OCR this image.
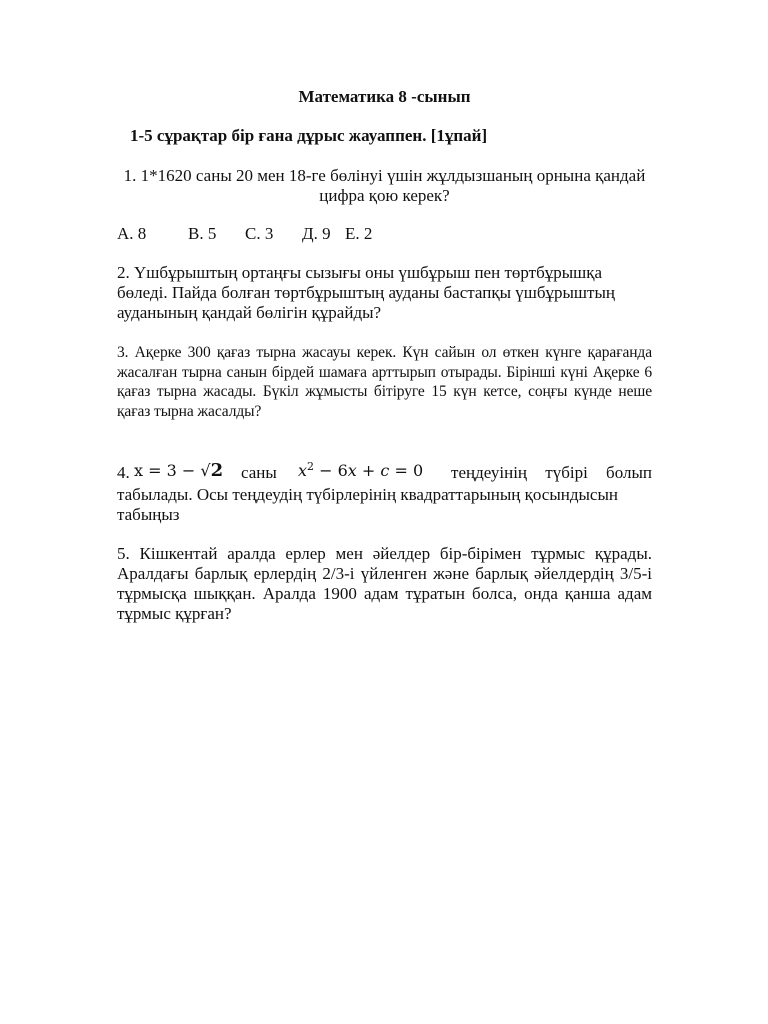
Математика 8 -сынып

1-5 сұрақтар бір ғана дұрыс жауаппен. [1ұпай]

1. 1*1620 саны 20 мен 18-ге бөлінуі үшін жұлдызшаның орнына қандай цифра қою керек?

А. 8 В. 5 С. 3 Д. 9 Е. 2

2. Үшбұрыштың ортаңғы сызығы оны үшбұрыш пен төртбұрышқа бөледі. Пайда болған төртбұрыштың ауданы бастапқы үшбұрыштың ауданының қандай бөлігін құрайды?

3. Ақерке 300 қағаз тырна жасауы керек. Күн сайын ол өткен күнге қарағанда жасалған тырна санын бірдей шамаға арттырып отырады. Бірінші күні Ақерке 6 қағаз тырна жасады. Бүкіл жұмысты бітіруге 15 күн кетсе, соңғы күнде неше қағаз тырна жасалды?

4. x = 3 − √2 саны $x^2 - 6x + c = 0$ теңдеуінің түбірі болып

табылады. Осы теңдеудің түбірлерінің квадраттарының қосындысын табыңыз

5. Кішкентай аралда ерлер мен әйелдер бір-бірімен тұрмыс құрады. Аралдағы барлық ерлердің 2/3-і үйленген және барлық әйелдердің 3/5-і тұрмысқа шыққан. Аралда 1900 адам тұратын болса, онда қанша адам тұрмыс құрған?
